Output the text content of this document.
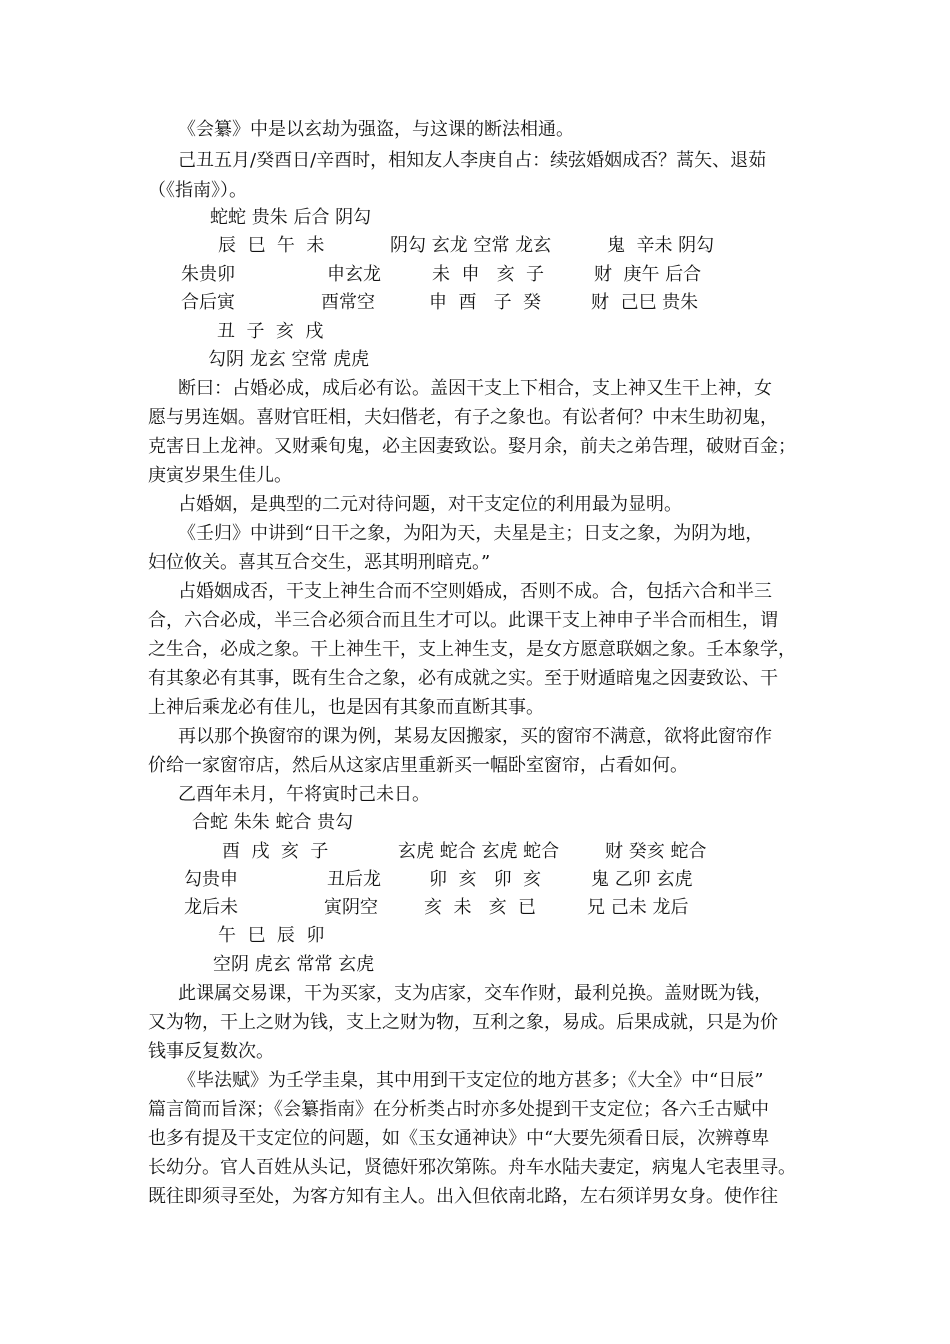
《会纂》中是以玄劫为强盗，与这课的断法相通。
己丑五月/癸酉日/辛酉时，相知友人李庚自占：续弦婚姻成否？蒿矢、退茹
（《指南》）。
蛇蛇 贵朱 后合 阴勾
辰  巳  午  未	阴勾 玄龙 空常 龙玄	鬼  辛未 阴勾
朱贵卯	申玄龙	未  申   亥  子	财  庚午 后合
合后寅	酉常空	申  酉   子  癸	财  己巳 贵朱
丑  子  亥  戌
勾阴 龙玄 空常 虎虎
断曰：占婚必成，成后必有讼。盖因干支上下相合，支上神又生干上神，女
愿与男连姻。喜财官旺相，夫妇偕老，有子之象也。有讼者何？中末生助初鬼，
克害日上龙神。又财乘旬鬼，必主因妻致讼。娶月余，前夫之弟告理，破财百金；
庚寅岁果生佳儿。
占婚姻，是典型的二元对待问题，对干支定位的利用最为显明。
《壬归》中讲到“日干之象，为阳为天，夫星是主；日支之象，为阴为地，
妇位攸关。喜其互合交生，恶其明刑暗克。”
占婚姻成否，干支上神生合而不空则婚成，否则不成。合，包括六合和半三
合，六合必成，半三合必须合而且生才可以。此课干支上神申子半合而相生，谓
之生合，必成之象。干上神生干，支上神生支，是女方愿意联姻之象。壬本象学，
有其象必有其事，既有生合之象，必有成就之实。至于财遁暗鬼之因妻致讼、干
上神后乘龙必有佳儿，也是因有其象而直断其事。
再以那个换窗帘的课为例，某易友因搬家，买的窗帘不满意，欲将此窗帘作
价给一家窗帘店，然后从这家店里重新买一幅卧室窗帘，占看如何。
乙酉年未月，午将寅时己未日。
合蛇 朱朱 蛇合 贵勾
酉  戌  亥  子	玄虎 蛇合 玄虎 蛇合	财 癸亥 蛇合
勾贵申	丑后龙	卯  亥   卯  亥	鬼 乙卯 玄虎
龙后未	寅阴空	亥  未   亥  已	兄 己未 龙后
午  巳  辰  卯
空阴 虎玄 常常 玄虎
此课属交易课，干为买家，支为店家，交车作财，最利兑换。盖财既为钱，
又为物，干上之财为钱，支上之财为物，互利之象，易成。后果成就，只是为价
钱事反复数次。
《毕法赋》为壬学圭臬，其中用到干支定位的地方甚多；《大全》中“日辰”
篇言简而旨深；《会纂指南》在分析类占时亦多处提到干支定位；各六壬古赋中
也多有提及干支定位的问题，如《玉女通神诀》中“大要先须看日辰，次辨尊卑
长幼分。官人百姓从头记，贤德奸邪次第陈。舟车水陆夫妻定，病鬼人宅表里寻。
既往即须寻至处，为客方知有主人。出入但依南北路，左右须详男女身。使作往
